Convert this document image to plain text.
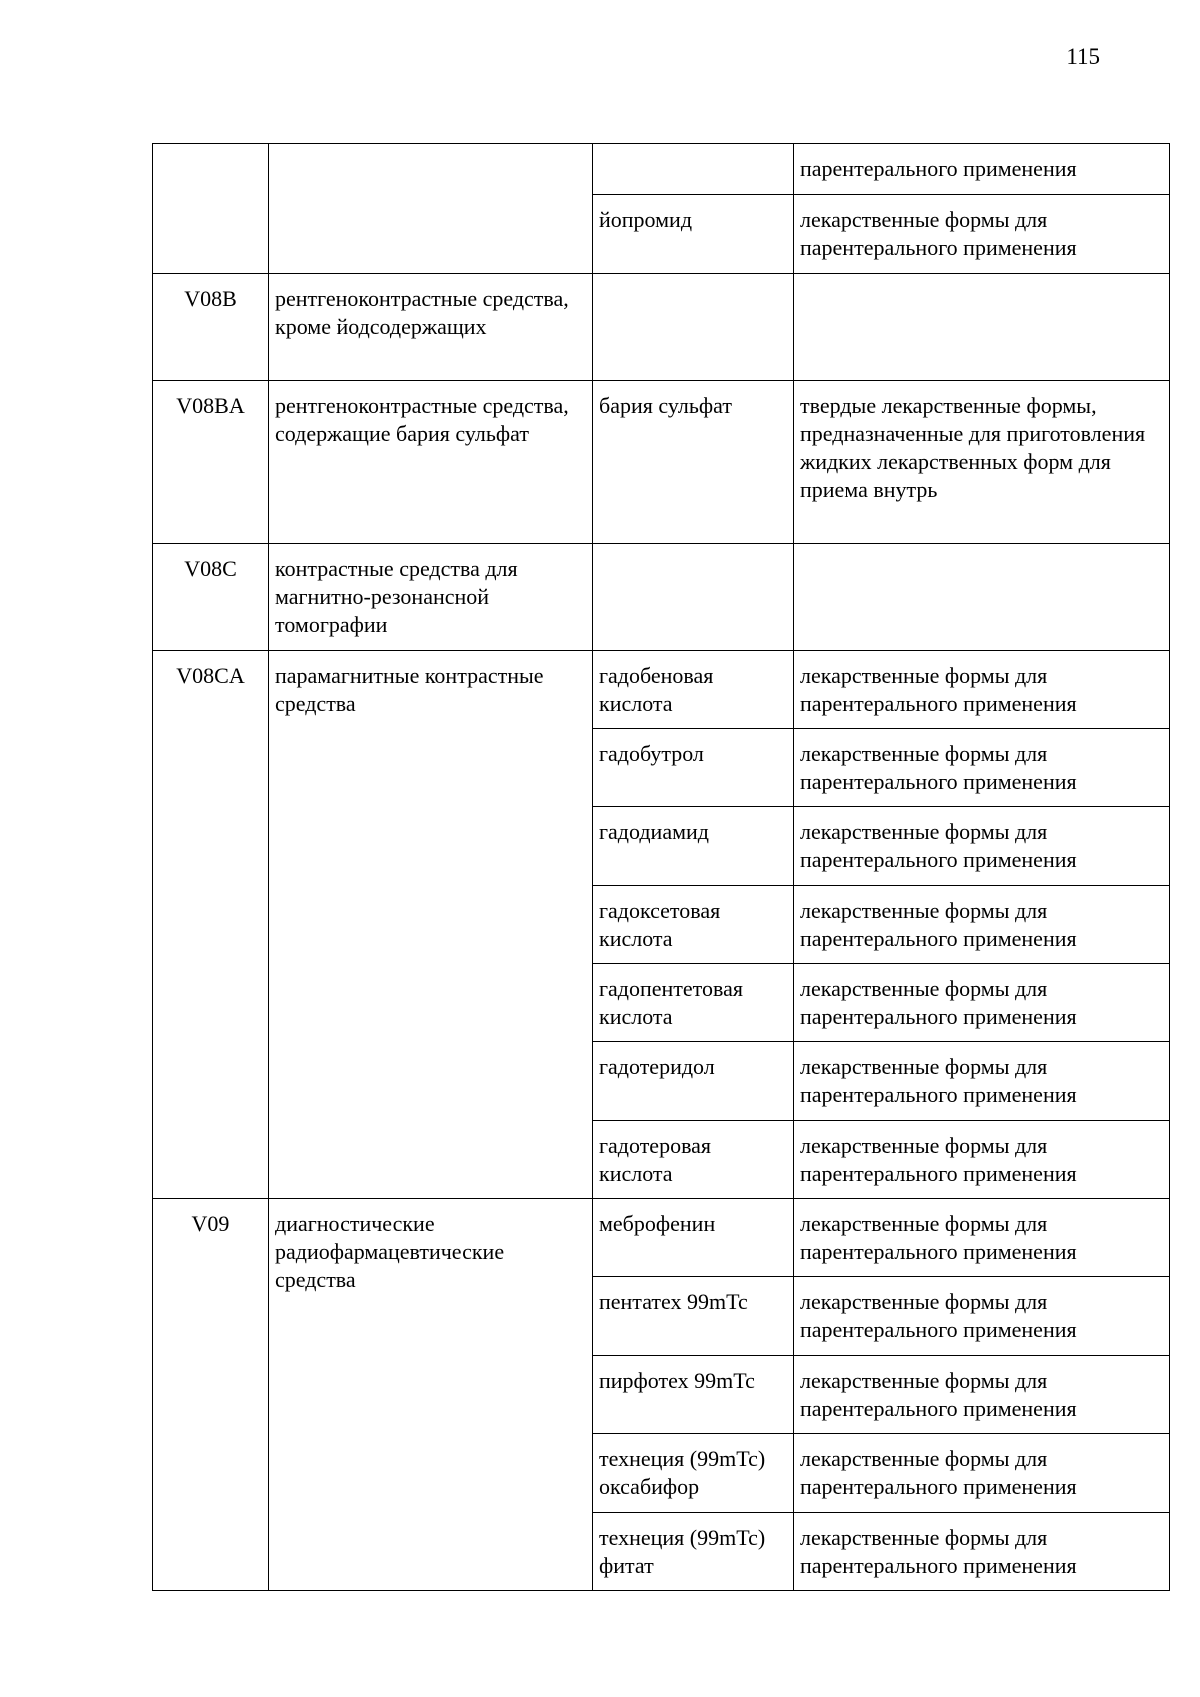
115
			парентерального применения
		йопромид	лекарственные формы для парентерального применения
V08B	рентгеноконтрастные средства, кроме йодсодержащих		
V08BA	рентгеноконтрастные средства, содержащие бария сульфат	бария сульфат	твердые лекарственные формы, предназначенные для приготовления жидких лекарственных форм для приема внутрь
V08C	контрастные средства для магнитно-резонансной томографии		
V08CA	парамагнитные контрастные средства	гадобеновая кислота	лекарственные формы для парентерального применения
		гадобутрол	лекарственные формы для парентерального применения
		гадодиамид	лекарственные формы для парентерального применения
		гадоксетовая кислота	лекарственные формы для парентерального применения
		гадопентетовая кислота	лекарственные формы для парентерального применения
		гадотеридол	лекарственные формы для парентерального применения
		гадотеровая кислота	лекарственные формы для парентерального применения
V09	диагностические радиофармацевтические средства	меброфенин	лекарственные формы для парентерального применения
		пентатех 99mTc	лекарственные формы для парентерального применения
		пирфотех 99mTc	лекарственные формы для парентерального применения
		технеция (99mTc) оксабифор	лекарственные формы для парентерального применения
		технеция (99mTc) фитат	лекарственные формы для парентерального применения
